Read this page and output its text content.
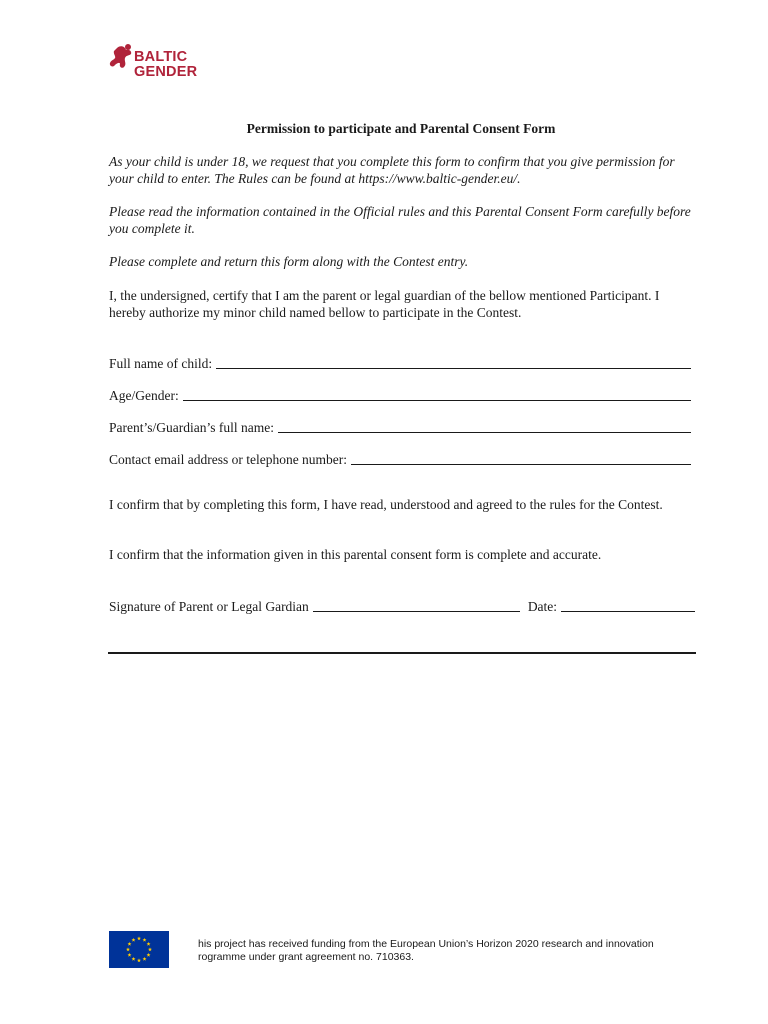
BALTIC
GENDER
Permission to participate and Parental Consent Form

As your child is under 18, we request that you complete this form to confirm that you give permission for your child to enter. The Rules can be found at https://www.baltic-gender.eu/.

Please read the information contained in the Official rules and this Parental Consent Form carefully before you complete it.

Please complete and return this form along with the Contest entry.

I, the undersigned, certify that I am the parent or legal guardian of the bellow mentioned Participant. I hereby authorize my minor child named bellow to participate in the Contest.

Full name of child:
Age/Gender:
Parent’s/Guardian’s full name:
Contact email address or telephone number:

I confirm that by completing this form, I have read, understood and agreed to the rules for the Contest.

I confirm that the information given in this parental consent form is complete and accurate.

Signature of Parent or Legal Gardian	Date:
his project has received funding from the European Union’s Horizon 2020 research and innovation
rogramme under grant agreement no. 710363.
